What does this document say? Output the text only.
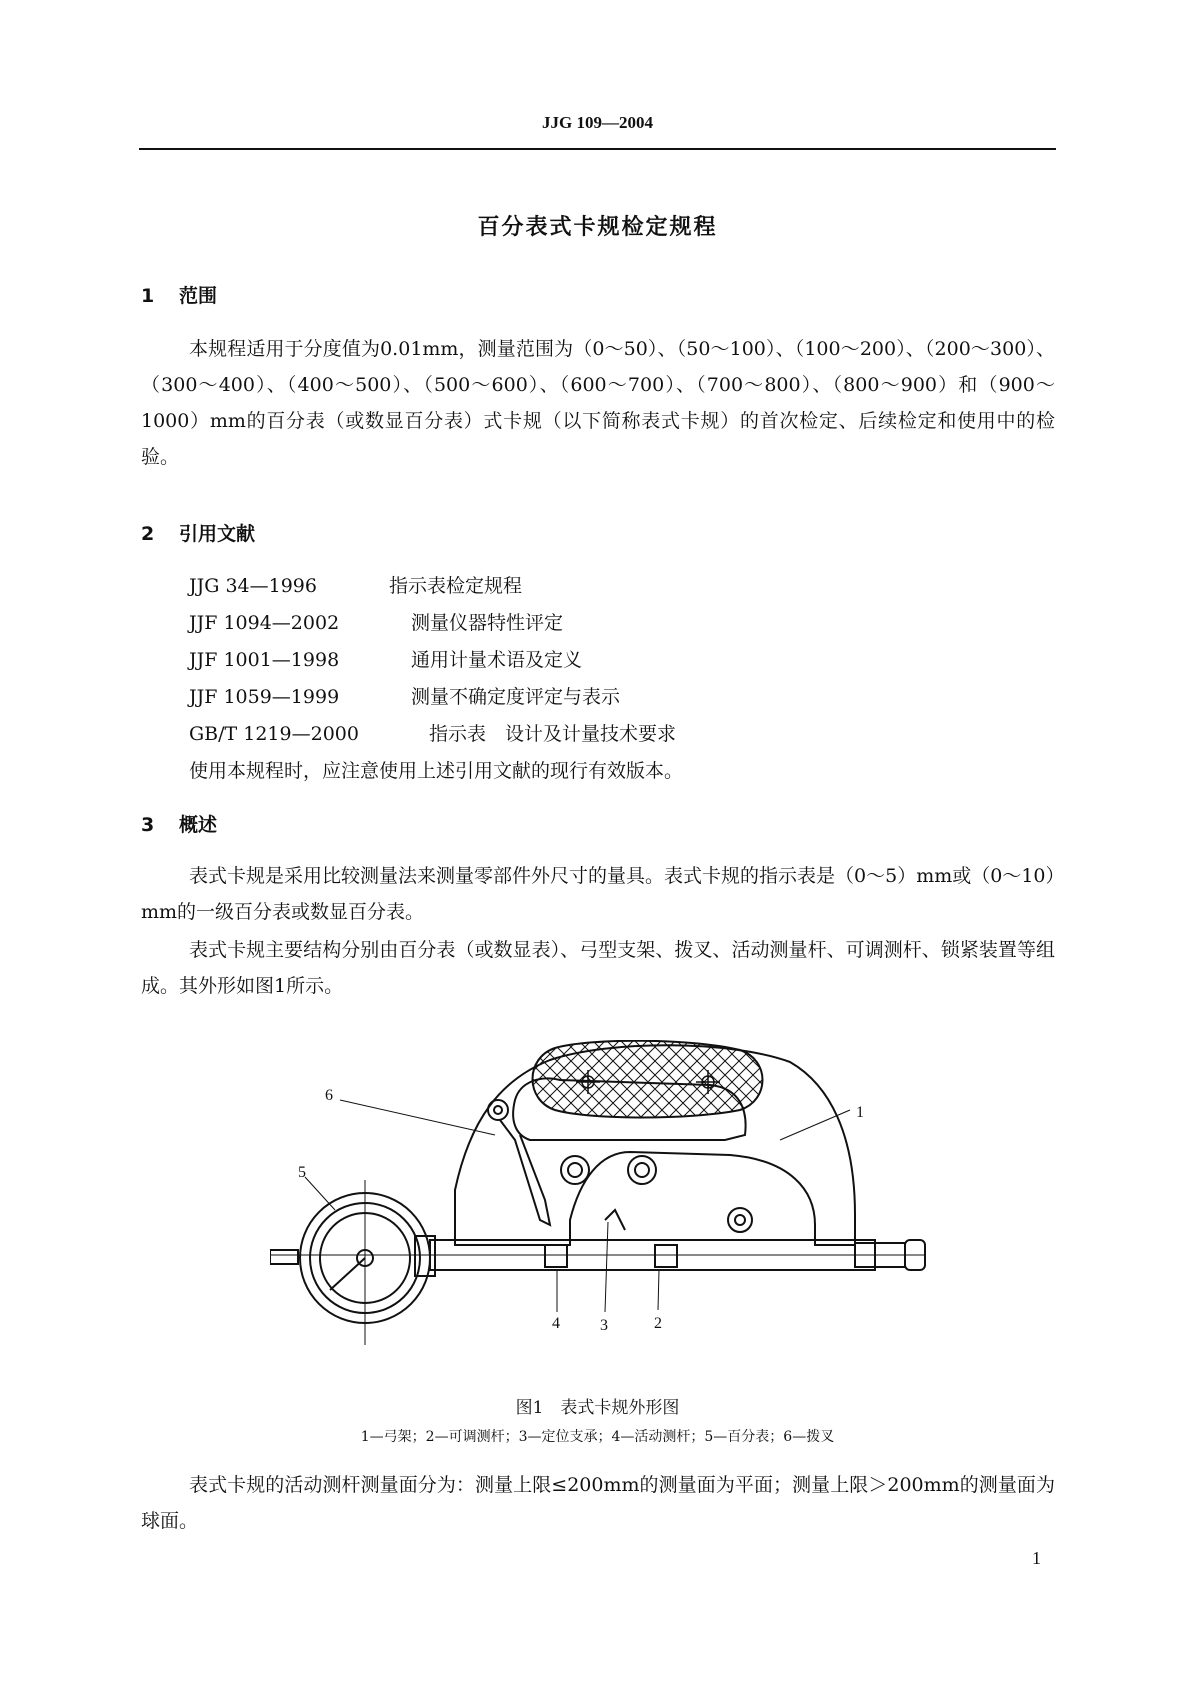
JJG 109—2004
百分表式卡规检定规程
1 范围
本规程适用于分度值为0.01mm，测量范围为（0～50）、（50～100）、（100～200）、（200～300）、（300～400）、（400～500）、（500～600）、（600～700）、（700～800）、（800～900）和（900～1000）mm的百分表（或数显百分表）式卡规（以下简称表式卡规）的首次检定、后续检定和使用中的检验。
2 引用文献
JJG 34—1996	指示表检定规程
JJF 1094—2002	测量仪器特性评定
JJF 1001—1998	通用计量术语及定义
JJF 1059—1999	测量不确定度评定与表示
GB/T 1219—2000	指示表　设计及计量技术要求
使用本规程时，应注意使用上述引用文献的现行有效版本。
3 概述
表式卡规是采用比较测量法来测量零部件外尺寸的量具。表式卡规的指示表是（0～5）mm或（0～10）mm的一级百分表或数显百分表。
表式卡规主要结构分别由百分表（或数显表）、弓型支架、拨叉、活动测量杆、可调测杆、锁紧装置等组成。其外形如图1所示。
1
2
3
4
5
6
图1　表式卡规外形图
1—弓架；2—可调测杆；3—定位支承；4—活动测杆；5—百分表；6—拨叉
表式卡规的活动测杆测量面分为：测量上限≤200mm的测量面为平面；测量上限＞200mm的测量面为球面。
1
